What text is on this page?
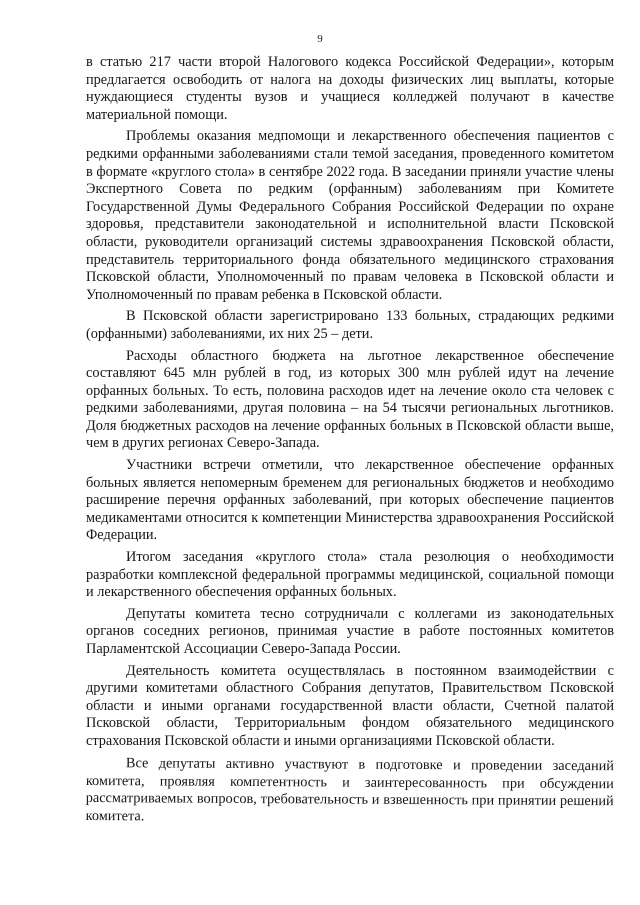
9

в статью 217 части второй Налогового кодекса Российской Федерации», которым предлагается освободить от налога на доходы физических лиц выплаты, которые нуждающиеся студенты вузов и учащиеся колледжей получают в качестве материальной помощи.

Проблемы оказания медпомощи и лекарственного обеспечения пациентов с редкими орфанными заболеваниями стали темой заседания, проведенного комитетом в формате «круглого стола» в сентябре 2022 года. В заседании приняли участие члены Экспертного Совета по редким (орфанным) заболеваниям при Комитете Государственной Думы Федерального Собрания Российской Федерации по охране здоровья, представители законодательной и исполнительной власти Псковской области, руководители организаций системы здравоохранения Псковской области, представитель территориального фонда обязательного медицинского страхования Псковской области, Уполномоченный по правам человека в Псковской области и Уполномоченный по правам ребенка в Псковской области.

В Псковской области зарегистрировано 133 больных, страдающих редкими (орфанными) заболеваниями, их них 25 – дети.

Расходы областного бюджета на льготное лекарственное обеспечение составляют 645 млн рублей в год, из которых 300 млн рублей идут на лечение орфанных больных. То есть, половина расходов идет на лечение около ста человек с редкими заболеваниями, другая половина – на 54 тысячи региональных льготников. Доля бюджетных расходов на лечение орфанных больных в Псковской области выше, чем в других регионах Северо-Запада.

Участники встречи отметили, что лекарственное обеспечение орфанных больных является непомерным бременем для региональных бюджетов и необходимо расширение перечня орфанных заболеваний, при которых обеспечение пациентов медикаментами относится к компетенции Министерства здравоохранения Российской Федерации.

Итогом заседания «круглого стола» стала резолюция о необходимости разработки комплексной федеральной программы медицинской, социальной помощи и лекарственного обеспечения орфанных больных.

Депутаты комитета тесно сотрудничали с коллегами из законодательных органов соседних регионов, принимая участие в работе постоянных комитетов Парламентской Ассоциации Северо-Запада России.

Деятельность комитета осуществлялась в постоянном взаимодействии с другими комитетами областного Собрания депутатов, Правительством Псковской области и иными органами государственной власти области, Счетной палатой Псковской области, Территориальным фондом обязательного медицинского страхования Псковской области и иными организациями Псковской области.

Все депутаты активно участвуют в подготовке и проведении заседаний комитета, проявляя компетентность и заинтересованность при обсуждении рассматриваемых вопросов, требовательность и взвешенность при принятии решений комитета.
